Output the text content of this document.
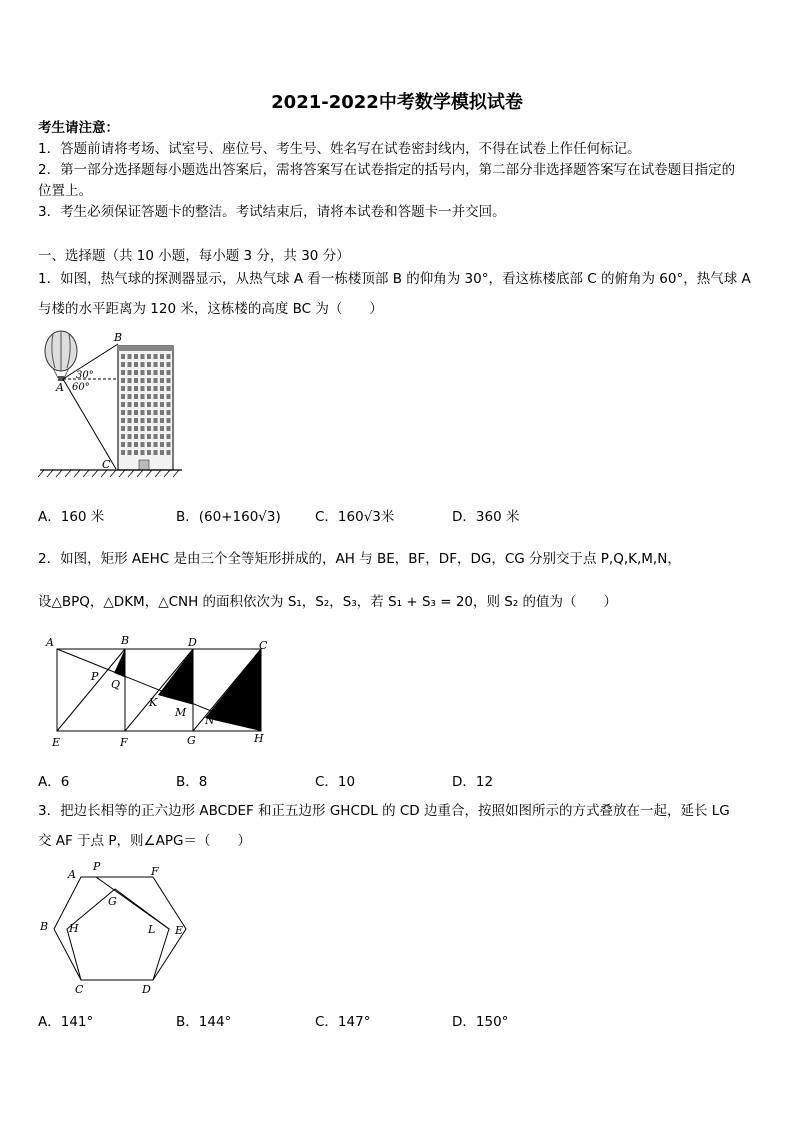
2021-2022中考数学模拟试卷
考生请注意：
1．答题前请将考场、试室号、座位号、考生号、姓名写在试卷密封线内，不得在试卷上作任何标记。
2．第一部分选择题每小题选出答案后，需将答案写在试卷指定的括号内，第二部分非选择题答案写在试卷题目指定的
位置上。
3．考生必须保证答题卡的整洁。考试结束后，请将本试卷和答题卡一并交回。
一、选择题（共 10 小题，每小题 3 分，共 30 分）
1．如图，热气球的探测器显示，从热气球 A 看一栋楼顶部 B 的仰角为 30°，看这栋楼底部 C 的俯角为 60°，热气球 A
与楼的水平距离为 120 米，这栋楼的高度 BC 为（　　）
B
A
C
30°
60°
A．160 米	B．(60+160√3)	C．160√3米	D．360 米
2．如图，矩形 AEHC 是由三个全等矩形拼成的，AH 与 BE，BF，DF，DG，CG 分别交于点 P,Q,K,M,N，
设△BPQ，△DKM，△CNH 的面积依次为 S₁，S₂，S₃，若 S₁ + S₃ = 20，则 S₂ 的值为（　　）
A	B	D	C
P
Q
K
M
N
E	F	G	H
A．6	B．8	C．10	D．12
3．把边长相等的正六边形 ABCDEF 和正五边形 GHCDL 的 CD 边重合，按照如图所示的方式叠放在一起，延长 LG
交 AF 于点 P，则∠APG＝（　　）
A
P	F
G
B H	L E
C	D
A．141°	B．144°	C．147°	D．150°
